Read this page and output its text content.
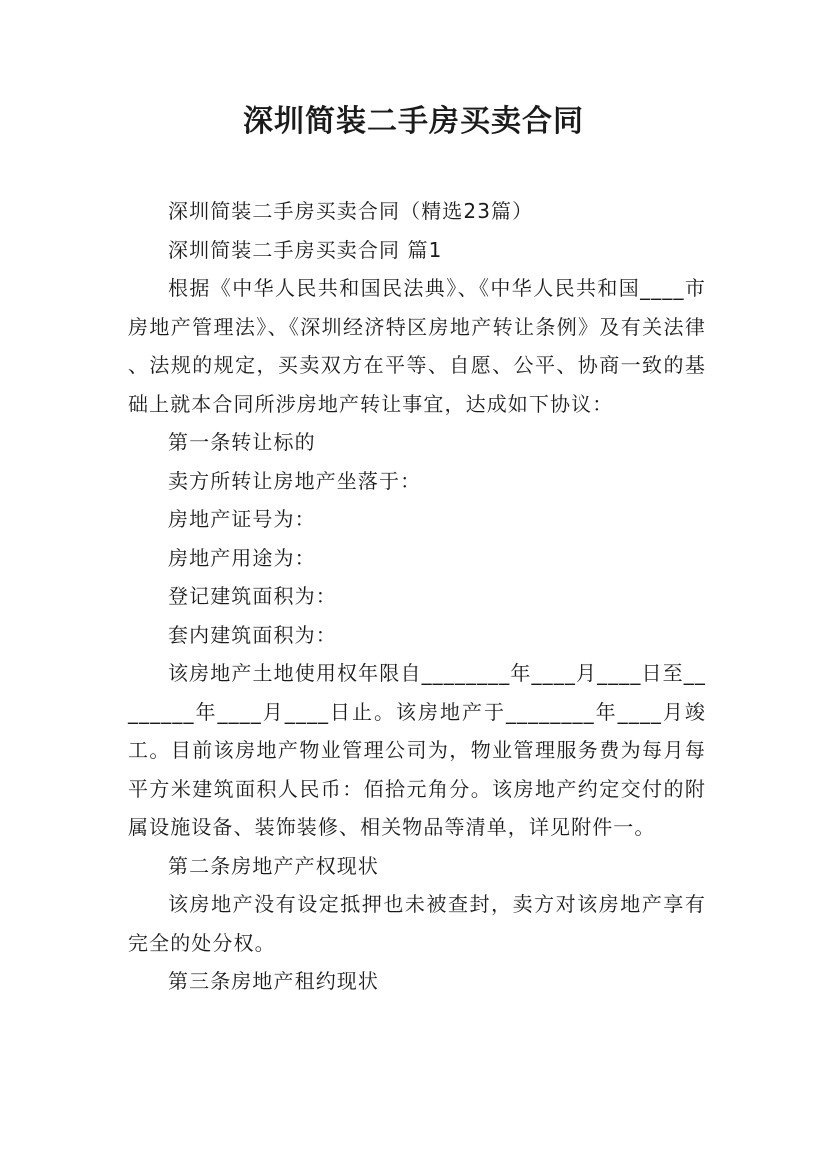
深圳简装二手房买卖合同

深圳简装二手房买卖合同（精选23篇）

深圳简装二手房买卖合同 篇1

根据《中华人民共和国民法典》、《中华人民共和国____市房地产管理法》、《深圳经济特区房地产转让条例》及有关法律、法规的规定，买卖双方在平等、自愿、公平、协商一致的基础上就本合同所涉房地产转让事宜，达成如下协议：

第一条转让标的

卖方所转让房地产坐落于：

房地产证号为：

房地产用途为：

登记建筑面积为：

套内建筑面积为：

该房地产土地使用权年限自________年____月____日至________年____月____日止。该房地产于________年____月竣工。目前该房地产物业管理公司为，物业管理服务费为每月每平方米建筑面积人民币：佰拾元角分。该房地产约定交付的附属设施设备、装饰装修、相关物品等清单，详见附件一。

第二条房地产产权现状

该房地产没有设定抵押也未被查封，卖方对该房地产享有完全的处分权。

第三条房地产租约现状
